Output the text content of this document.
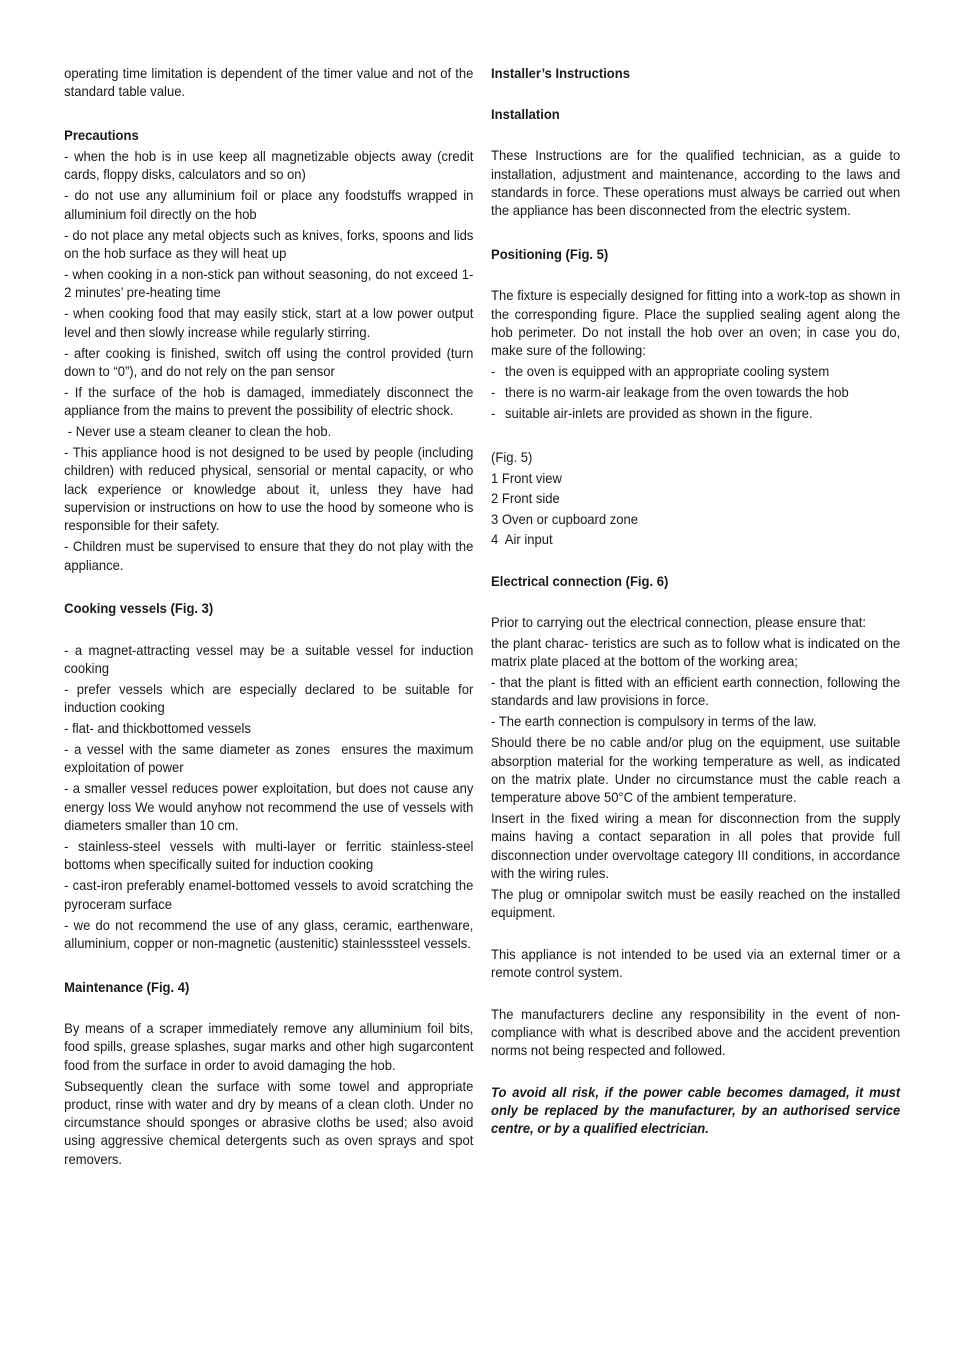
operating time limitation is dependent of the timer value and not of the standard table value.

Precautions

- when the hob is in use keep all magnetizable objects away (credit cards, floppy disks, calculators and so on)

- do not use any alluminium foil or place any foodstuffs wrapped in alluminium foil directly on the hob

- do not place any metal objects such as knives, forks, spoons and lids on the hob surface as they will heat up

- when cooking in a non-stick pan without seasoning, do not exceed 1-2 minutes’ pre-heating time

- when cooking food that may easily stick, start at a low power output level and then slowly increase while regularly stirring.

- after cooking is finished, switch off using the control provided (turn down to “0”), and do not rely on the pan sensor

- If the surface of the hob is damaged, immediately disconnect the appliance from the mains to prevent the possibility of electric shock.

- Never use a steam cleaner to clean the hob.

- This appliance hood is not designed to be used by people (including children) with reduced physical, sensorial or mental capacity, or who lack experience or knowledge about it, unless they have had supervision or instructions on how to use the hood by someone who is responsible for their safety.

- Children must be supervised to ensure that they do not play with the appliance.

Cooking vessels (Fig. 3)

- a magnet-attracting vessel may be a suitable vessel for induction cooking

- prefer vessels which are especially declared to be suitable for induction cooking

- flat- and thickbottomed vessels

- a vessel with the same diameter as zones  ensures the maximum exploitation of power

- a smaller vessel reduces power exploitation, but does not cause any energy loss We would anyhow not recommend the use of vessels with diameters smaller than 10 cm.

- stainless-steel vessels with multi-layer or ferritic stainless-steel bottoms when specifically suited for induction cooking

- cast-iron preferably enamel-bottomed vessels to avoid scratching the pyroceram surface

- we do not recommend the use of any glass, ceramic, earthenware, alluminium, copper or non-magnetic (austenitic) stainlesssteel vessels.

Maintenance (Fig. 4)

By means of a scraper immediately remove any alluminium foil bits, food spills, grease splashes, sugar marks and other high sugarcontent food from the surface in order to avoid damaging the hob.

Subsequently clean the surface with some towel and appropriate product, rinse with water and dry by means of a clean cloth. Under no circumstance should sponges or abrasive cloths be used; also avoid using aggressive chemical detergents such as oven sprays and spot removers.

Installer’s Instructions

Installation

These Instructions are for the qualified technician, as a guide to installation, adjustment and maintenance, according to the laws and standards in force. These operations must always be carried out when the appliance has been disconnected from the electric system.

Positioning (Fig. 5)

The fixture is especially designed for fitting into a work-top as shown in the corresponding figure. Place the supplied sealing agent along the hob perimeter. Do not install the hob over an oven; in case you do, make sure of the following:

- the oven is equipped with an appropriate cooling system
- there is no warm-air leakage from the oven towards the hob
- suitable air-inlets are provided as shown in the figure.

(Fig. 5)

1 Front view

2 Front side

3 Oven or cupboard zone

4  Air input

Electrical connection (Fig. 6)

Prior to carrying out the electrical connection, please ensure that:

the plant charac- teristics are such as to follow what is indicated on the matrix plate placed at the bottom of the working area;

- that the plant is fitted with an efficient earth connection, following the standards and law provisions in force.

- The earth connection is compulsory in terms of the law.

Should there be no cable and/or plug on the equipment, use suitable absorption material for the working temperature as well, as indicated on the matrix plate. Under no circumstance must the cable reach a temperature above 50°C of the ambient temperature.

Insert in the fixed wiring a mean for disconnection from the supply mains having a contact separation in all poles that provide full disconnection under overvoltage category III conditions, in accordance with the wiring rules.

The plug or omnipolar switch must be easily reached on the installed equipment.

This appliance is not intended to be used via an external timer or a remote control system.

The manufacturers decline any responsibility in the event of non-compliance with what is described above and the accident prevention norms not being respected and followed.

To avoid all risk, if the power cable becomes damaged, it must only be replaced by the manufacturer, by an authorised service centre, or by a qualified electrician.
